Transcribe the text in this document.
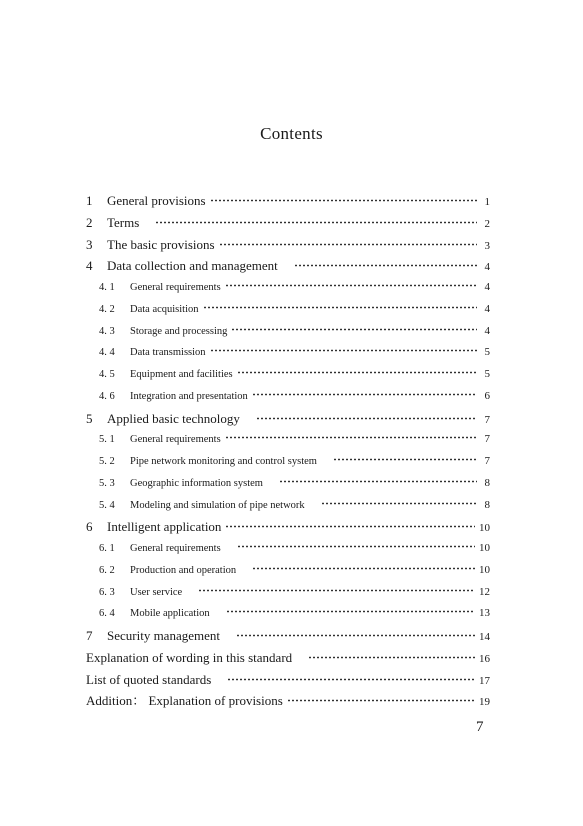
Contents
1	General provisions	1
2	Terms	2
3	The basic provisions	3
4	Data collection and management	4
4. 1	General requirements	4
4. 2	Data acquisition	4
4. 3	Storage and processing	4
4. 4	Data transmission	5
4. 5	Equipment and facilities	5
4. 6	Integration and presentation	6
5	Applied basic technology	7
5. 1	General requirements	7
5. 2	Pipe network monitoring and control system	7
5. 3	Geographic information system	8
5. 4	Modeling and simulation of pipe network	8
6	Intelligent application	10
6. 1	General requirements	10
6. 2	Production and operation	10
6. 3	User service	12
6. 4	Mobile application	13
7	Security management	14
Explanation of wording in this standard	16
List of quoted standards	17
Addition： Explanation of provisions	19
7
